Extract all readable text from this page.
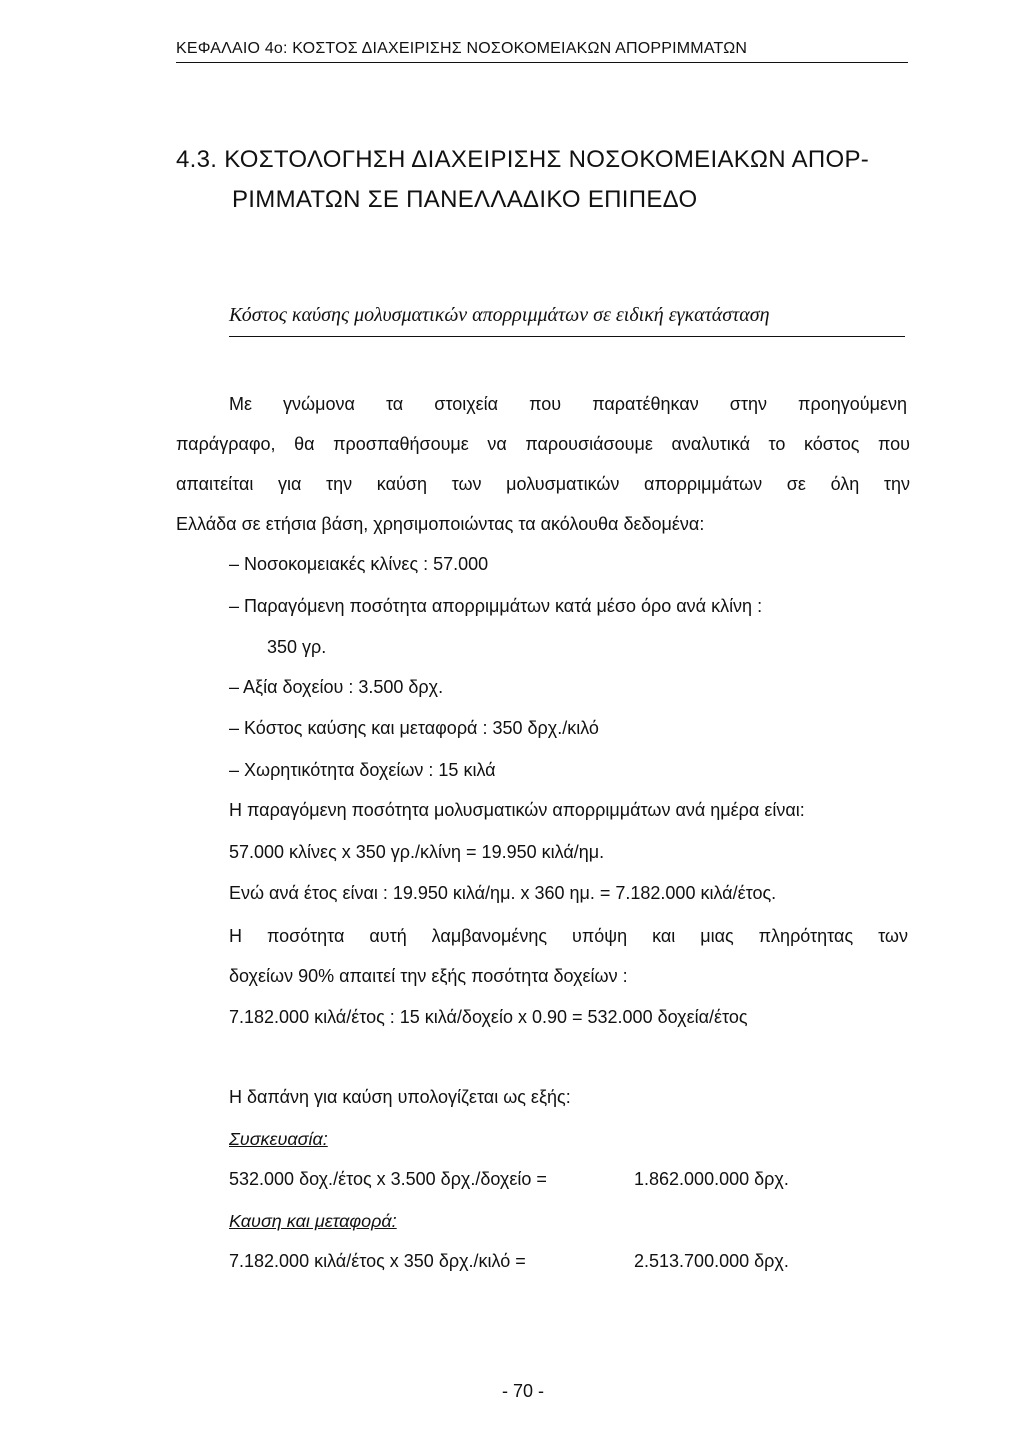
ΚΕΦΑΛΑΙΟ 4ο: ΚΟΣΤΟΣ ΔΙΑΧΕΙΡΙΣΗΣ ΝΟΣΟΚΟΜΕΙΑΚΩΝ ΑΠΟΡΡΙΜΜΑΤΩΝ
4.3. ΚΟΣΤΟΛΟΓΗΣΗ ΔΙΑΧΕΙΡΙΣΗΣ ΝΟΣΟΚΟΜΕΙΑΚΩΝ ΑΠΟΡ-
ΡΙΜΜΑΤΩΝ ΣΕ ΠΑΝΕΛΛΑΔΙΚΟ ΕΠΙΠΕΔΟ
Κόστος καύσης μολυσματικών απορριμμάτων σε ειδική εγκατάσταση
Με γνώμονα τα στοιχεία που παρατέθηκαν στην προηγούμενη
παράγραφο, θα προσπαθήσουμε να παρουσιάσουμε αναλυτικά το κόστος που
απαιτείται για την καύση των μολυσματικών απορριμμάτων σε όλη την
Ελλάδα σε ετήσια βάση, χρησιμοποιώντας τα ακόλουθα δεδομένα:
– Νοσοκομειακές κλίνες : 57.000
– Παραγόμενη ποσότητα απορριμμάτων κατά μέσο όρο ανά κλίνη :
350 γρ.
– Αξία δοχείου : 3.500 δρχ.
– Κόστος καύσης και μεταφορά : 350 δρχ./κιλό
– Χωρητικότητα δοχείων : 15 κιλά
Η παραγόμενη ποσότητα μολυσματικών απορριμμάτων ανά ημέρα είναι:
57.000 κλίνες x 350 γρ./κλίνη = 19.950 κιλά/ημ.
Ενώ ανά έτος είναι : 19.950 κιλά/ημ. x 360 ημ. = 7.182.000 κιλά/έτος.
Η ποσότητα αυτή λαμβανομένης υπόψη και μιας πληρότητας των
δοχείων 90% απαιτεί την εξής ποσότητα δοχείων :
7.182.000 κιλά/έτος : 15 κιλά/δοχείο x 0.90 = 532.000 δοχεία/έτος
Η δαπάνη για καύση υπολογίζεται ως εξής:
Συσκευασία:
532.000 δοχ./έτος x 3.500 δρχ./δοχείο =	1.862.000.000 δρχ.
Καυση και μεταφορά:
7.182.000 κιλά/έτος x 350 δρχ./κιλό =	2.513.700.000 δρχ.
- 70 -
